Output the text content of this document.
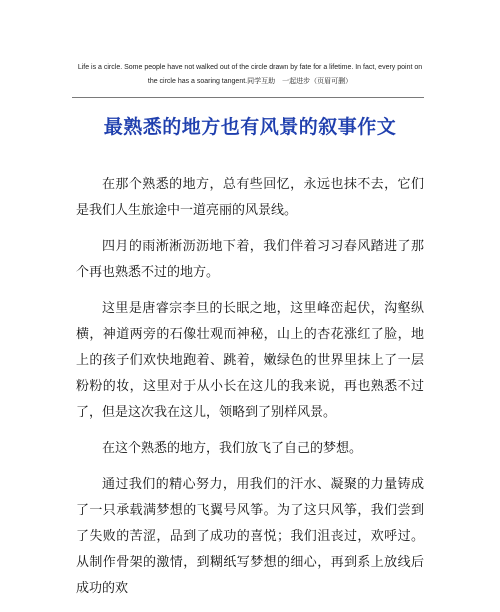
Life is a circle. Some people have not walked out of the circle drawn by fate for a lifetime. In fact, every point on
the circle has a soaring tangent.同学互助　一起进步（页眉可删）
最熟悉的地方也有风景的叙事作文

在那个熟悉的地方，总有些回忆，永远也抹不去，它们是我们人生旅途中一道亮丽的风景线。

四月的雨淅淅沥沥地下着，我们伴着习习春风踏进了那个再也熟悉不过的地方。

这里是唐睿宗李旦的长眠之地，这里峰峦起伏，沟壑纵横，神道两旁的石像壮观而神秘，山上的杏花涨红了脸，地上的孩子们欢快地跑着、跳着，嫩绿色的世界里抹上了一层粉粉的妆，这里对于从小长在这儿的我来说，再也熟悉不过了，但是这次我在这儿，领略到了别样风景。

在这个熟悉的地方，我们放飞了自己的梦想。

通过我们的精心努力，用我们的汗水、凝聚的力量铸成了一只承载满梦想的飞翼号风筝。为了这只风筝，我们尝到了失败的苦涩，品到了成功的喜悦；我们沮丧过，欢呼过。从制作骨架的激情，到糊纸写梦想的细心，再到系上放线后成功的欢
